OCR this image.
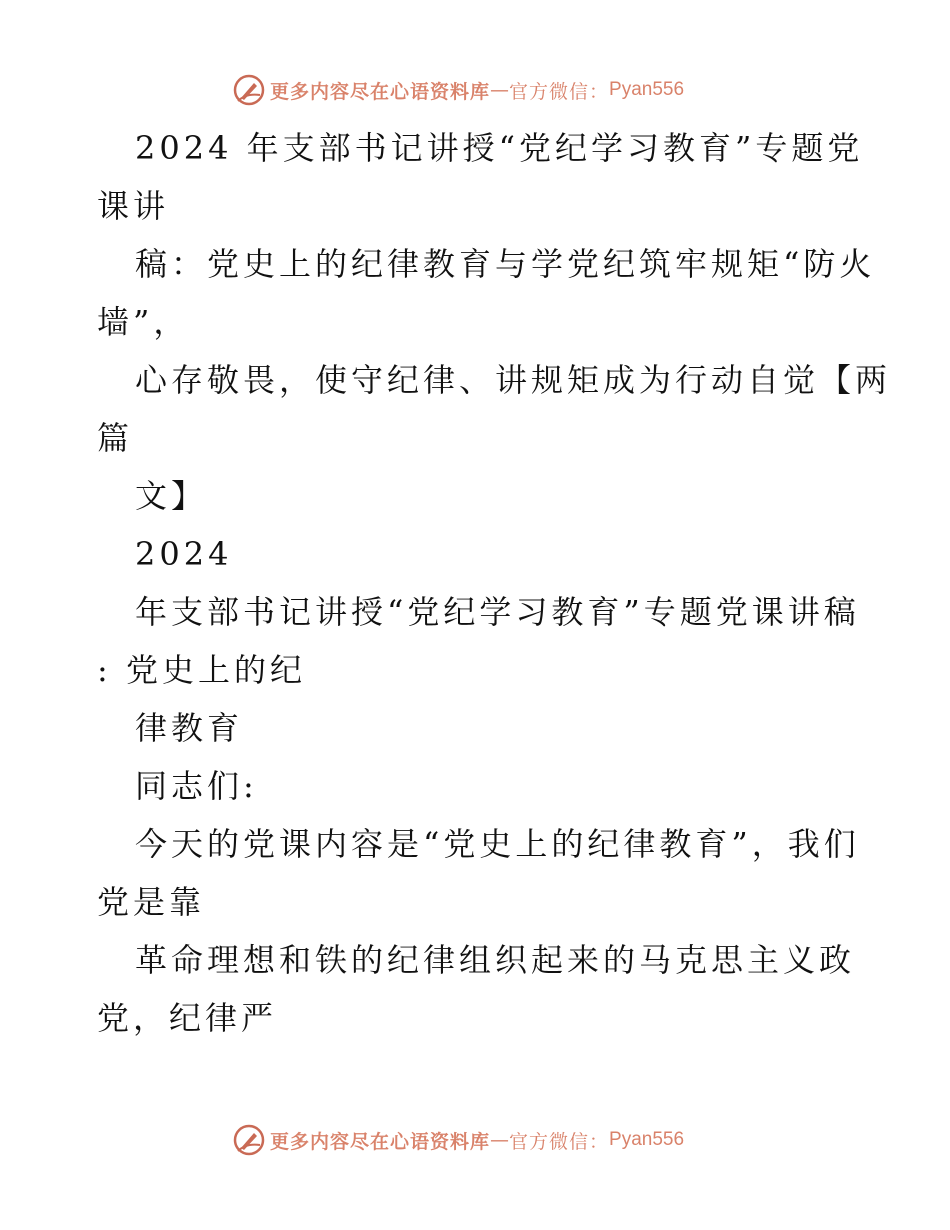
更多内容尽在心语资料库 — 官方微信： Pyan556
2024 年支部书记讲授“党纪学习教育”专题党
课讲
稿：党史上的纪律教育与学党纪筑牢规矩“防火
墙”，
心存敬畏，使守纪律、讲规矩成为行动自觉【两
篇
文】
2024
年支部书记讲授“党纪学习教育”专题党课讲稿
: 党史上的纪
律教育
同志们:
今天的党课内容是“党史上的纪律教育”，我们
党是靠
革命理想和铁的纪律组织起来的马克思主义政
党，纪律严
更多内容尽在心语资料库 — 官方微信： Pyan556
